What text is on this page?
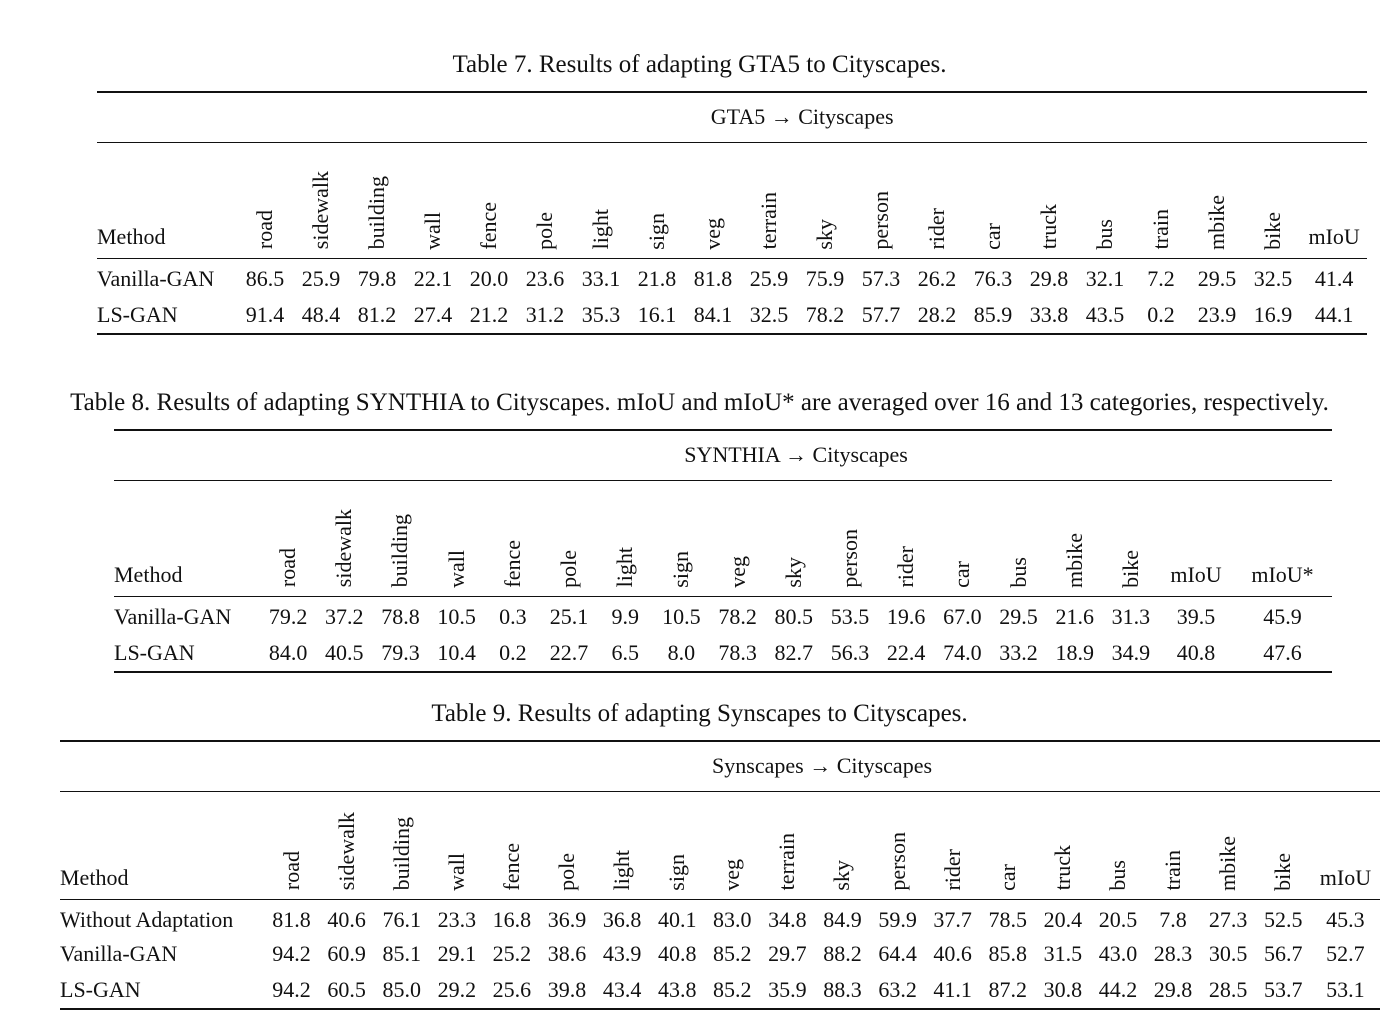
Table 7. Results of adapting GTA5 to Cityscapes.
	GTA5 → Cityscapes																			
Method	road	sidewalk	building	wall	fence	pole	light	sign	veg	terrain	sky	person	rider	car	truck	bus	train	mbike	bike	mIoU
Vanilla-GAN	86.5	25.9	79.8	22.1	20.0	23.6	33.1	21.8	81.8	25.9	75.9	57.3	26.2	76.3	29.8	32.1	7.2	29.5	32.5	41.4
LS-GAN	91.4	48.4	81.2	27.4	21.2	31.2	35.3	16.1	84.1	32.5	78.2	57.7	28.2	85.9	33.8	43.5	0.2	23.9	16.9	44.1
Table 8. Results of adapting SYNTHIA to Cityscapes. mIoU and mIoU* are averaged over 16 and 13 categories, respectively.
	SYNTHIA → Cityscapes																	
Method	road	sidewalk	building	wall	fence	pole	light	sign	veg	sky	person	rider	car	bus	mbike	bike	mIoU	mIoU*
Vanilla-GAN	79.2	37.2	78.8	10.5	0.3	25.1	9.9	10.5	78.2	80.5	53.5	19.6	67.0	29.5	21.6	31.3	39.5	45.9
LS-GAN	84.0	40.5	79.3	10.4	0.2	22.7	6.5	8.0	78.3	82.7	56.3	22.4	74.0	33.2	18.9	34.9	40.8	47.6
Table 9. Results of adapting Synscapes to Cityscapes.
	Synscapes → Cityscapes																			
Method	road	sidewalk	building	wall	fence	pole	light	sign	veg	terrain	sky	person	rider	car	truck	bus	train	mbike	bike	mIoU
Without Adaptation	81.8	40.6	76.1	23.3	16.8	36.9	36.8	40.1	83.0	34.8	84.9	59.9	37.7	78.5	20.4	20.5	7.8	27.3	52.5	45.3
Vanilla-GAN	94.2	60.9	85.1	29.1	25.2	38.6	43.9	40.8	85.2	29.7	88.2	64.4	40.6	85.8	31.5	43.0	28.3	30.5	56.7	52.7
LS-GAN	94.2	60.5	85.0	29.2	25.6	39.8	43.4	43.8	85.2	35.9	88.3	63.2	41.1	87.2	30.8	44.2	29.8	28.5	53.7	53.1
